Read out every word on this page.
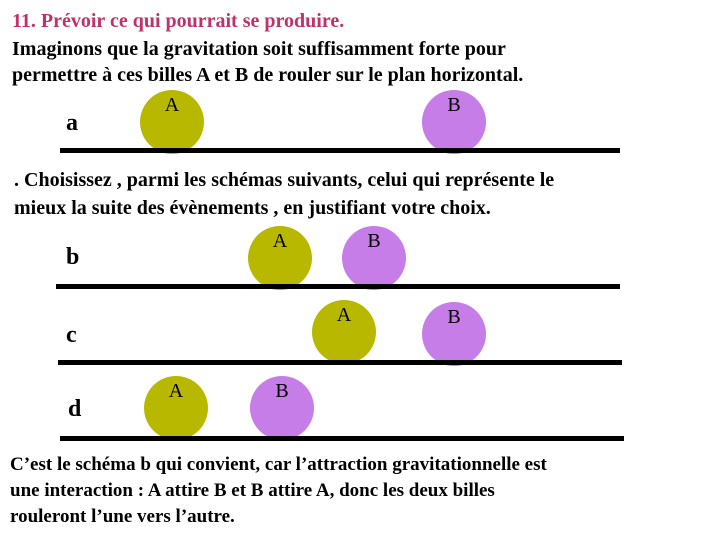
11. Prévoir ce qui pourrait se produire.
Imaginons que la gravitation soit suffisamment forte pour
permettre à ces billes A et B de rouler sur le plan horizontal.
a
A	B
. Choisissez , parmi les schémas suivants, celui qui représente le
mieux la suite des évènements , en justifiant votre choix.
b
A	B
c
A	B
d
A	B
C’est le schéma b qui convient, car l’attraction gravitationnelle est
une interaction : A attire B et B attire A, donc les deux billes
rouleront l’une vers l’autre.
